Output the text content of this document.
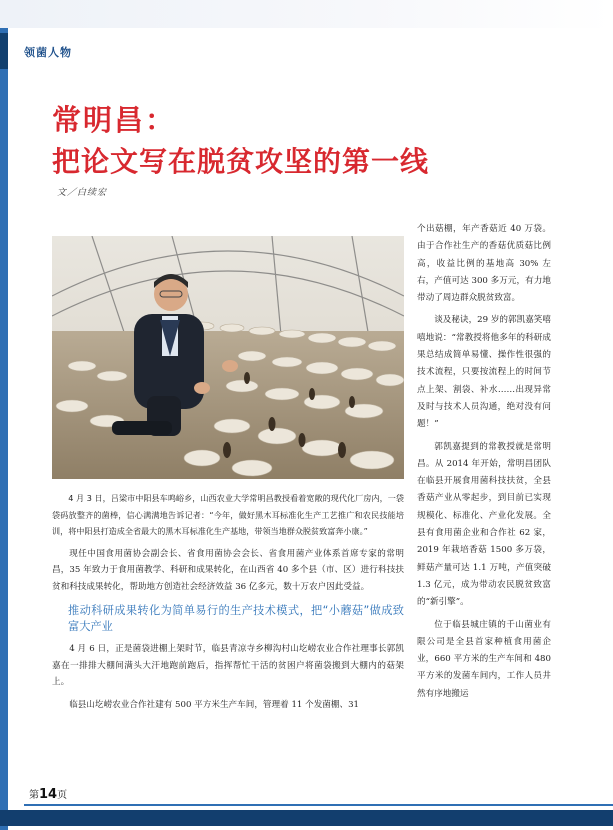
领菌人物
常明昌：
把论文写在脱贫攻坚的第一线
文／白续宏

4 月 3 日，吕梁市中阳县车鸣峪乡，山西农业大学常明昌教授看着宽敞的现代化厂房内，一袋袋码放整齐的菌棒，信心满满地告诉记者：“今年，做好黑木耳标准化生产工艺推广和农民技能培训，将中阳县打造成全省最大的黑木耳标准化生产基地，带领当地群众脱贫致富奔小康。”

现任中国食用菌协会副会长、省食用菌协会会长、省食用菌产业体系首席专家的常明昌，35 年致力于食用菌教学、科研和成果转化，在山西省 40 多个县（市、区）进行科技扶贫和科技成果转化，帮助地方创造社会经济效益 36 亿多元，数十万农户因此受益。

推动科研成果转化为简单易行的生产技术模式，把“小蘑菇”做成致富大产业

4 月 6 日，正是菌袋进棚上架时节，临县青凉寺乡柳沟村山圪崂农业合作社理事长郭凯嘉在一排排大棚间满头大汗地跑前跑后，指挥帮忙干活的贫困户将菌袋搬到大棚内的菇架上。

临县山圪崂农业合作社建有 500 平方米生产车间，管理着 11 个发菌棚、31

个出菇棚，年产香菇近 40 万袋。由于合作社生产的香菇优质菇比例高，收益比例的基地高 30% 左右，产值可达 300 多万元，有力地带动了周边群众脱贫致富。

谈及秘诀，29 岁的郭凯嘉笑嘻嘻地说：“常教授将他多年的科研成果总结成简单易懂、操作性很强的技术流程，只要按流程上的时间节点上架、割袋、补水……出现异常及时与技术人员沟通，绝对没有问题！”

郭凯嘉提到的常教授就是常明昌。从 2014 年开始，常明昌团队在临县开展食用菌科技扶贫，全县香菇产业从零起步，到目前已实现规模化、标准化、产业化发展。全县有食用菌企业和合作社 62 家，2019 年栽培香菇 1500 多万袋，鲜菇产量可达 1.1 万吨，产值突破 1.3 亿元，成为带动农民脱贫致富的“新引擎”。

位于临县城庄镇的千山菌业有限公司是全县首家种植食用菌企业，660 平方米的生产车间和 480 平方米的发菌车间内，工作人员井然有序地搬运

第14页
